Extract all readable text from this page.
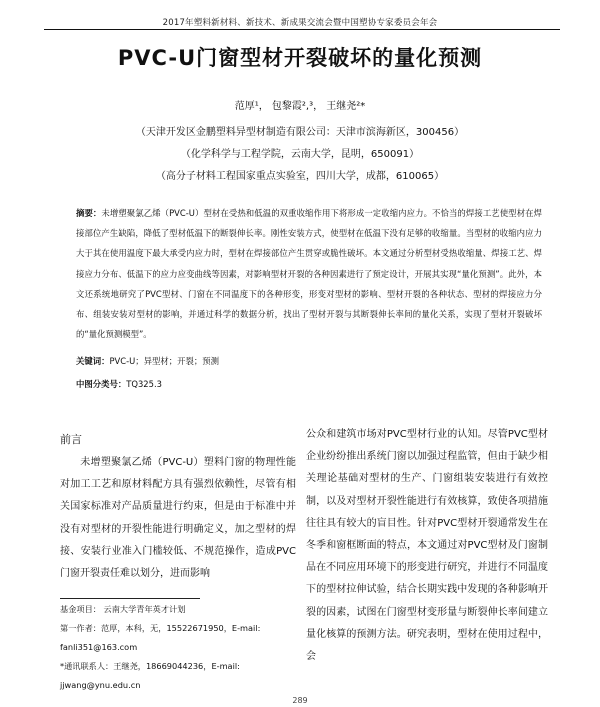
2017年塑料新材料、新技术、新成果交流会暨中国塑协专家委员会年会
PVC-U门窗型材开裂破坏的量化预测
范厚¹， 包黎霞²,³， 王继尧²*
（天津开发区金鹏塑料异型材制造有限公司：天津市滨海新区，300456）
（化学科学与工程学院，云南大学，昆明，650091）
（高分子材料工程国家重点实验室，四川大学，成都，610065）
摘要：未增塑聚氯乙烯（PVC-U）型材在受热和低温的双重收缩作用下将形成一定收缩内应力。不恰当的焊接工艺使型材在焊接部位产生缺陷，降低了型材低温下的断裂伸长率。刚性安装方式，使型材在低温下没有足够的收缩量。当型材的收缩内应力大于其在使用温度下最大承受内应力时，型材在焊接部位产生贯穿或脆性破坏。本文通过分析型材受热收缩量、焊接工艺、焊接应力分布、低温下的应力应变曲线等因素，对影响型材开裂的各种因素进行了预定设计，开展其实现“量化预测”。此外，本文还系统地研究了PVC型材、门窗在不同温度下的各种形变，形变对型材的影响、型材开裂的各种状态、型材的焊接应力分布、组装安装对型材的影响，并通过科学的数据分析，找出了型材开裂与其断裂伸长率间的量化关系，实现了型材开裂破坏的“量化预测模型”。
关键词：PVC-U；异型材；开裂；预测
中图分类号：TQ325.3
前言
未增塑聚氯乙烯（PVC-U）塑料门窗的物理性能对加工工艺和原材料配方具有强烈依赖性，尽管有相关国家标准对产品质量进行约束，但是由于标准中并没有对型材的开裂性能进行明确定义，加之型材的焊接、安装行业准入门槛较低、不规范操作，造成PVC门窗开裂责任难以划分，进而影响
公众和建筑市场对PVC型材行业的认知。尽管PVC型材企业纷纷推出系统门窗以加强过程监管，但由于缺少相关理论基础对型材的生产、门窗组装安装进行有效控制，以及对型材开裂性能进行有效核算，致使各项措施往往具有较大的盲目性。针对PVC型材开裂通常发生在冬季和窗框断面的特点，本文通过对PVC型材及门窗制品在不同应用环境下的形变进行研究，并进行不同温度下的型材拉伸试验，结合长期实践中发现的各种影响开裂的因素，试图在门窗型材变形量与断裂伸长率间建立量化核算的预测方法。研究表明，型材在使用过程中，会
基金项目： 云南大学青年英才计划
第一作者：范厚，本科，无，15522671950，E-mail:
fanli351@163.com
*通讯联系人：王继尧，18669044236，E-mail:
jjwang@ynu.edu.cn
289
